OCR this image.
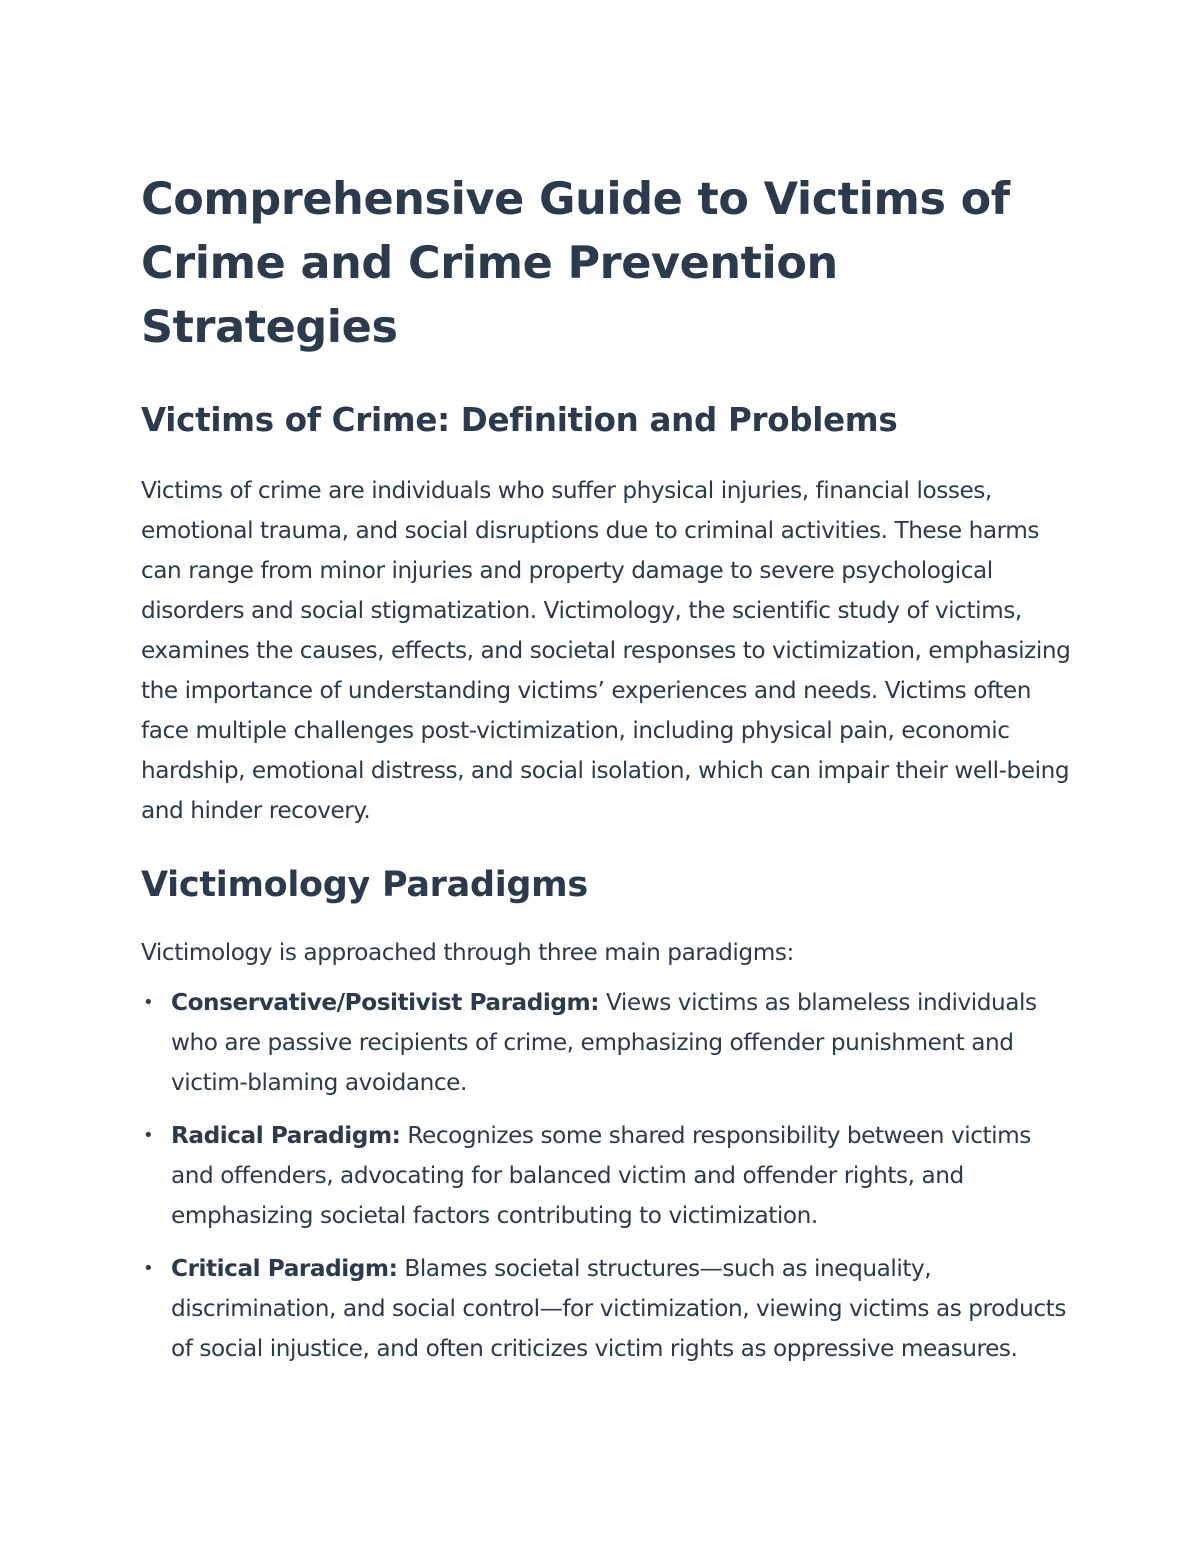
Comprehensive Guide to Victims of Crime and Crime Prevention Strategies
Victims of Crime: Definition and Problems

Victims of crime are individuals who suffer physical injuries, financial losses, emotional trauma, and social disruptions due to criminal activities. These harms can range from minor injuries and property damage to severe psychological disorders and social stigmatization. Victimology, the scientific study of victims, examines the causes, effects, and societal responses to victimization, emphasizing the importance of understanding victims’ experiences and needs. Victims often face multiple challenges post-victimization, including physical pain, economic hardship, emotional distress, and social isolation, which can impair their well-being and hinder recovery.

Victimology Paradigms

Victimology is approached through three main paradigms:

• Conservative/Positivist Paradigm: Views victims as blameless individuals who are passive recipients of crime, emphasizing offender punishment and victim-blaming avoidance.
• Radical Paradigm: Recognizes some shared responsibility between victims and offenders, advocating for balanced victim and offender rights, and emphasizing societal factors contributing to victimization.
• Critical Paradigm: Blames societal structures—such as inequality, discrimination, and social control—for victimization, viewing victims as products of social injustice, and often criticizes victim rights as oppressive measures.
